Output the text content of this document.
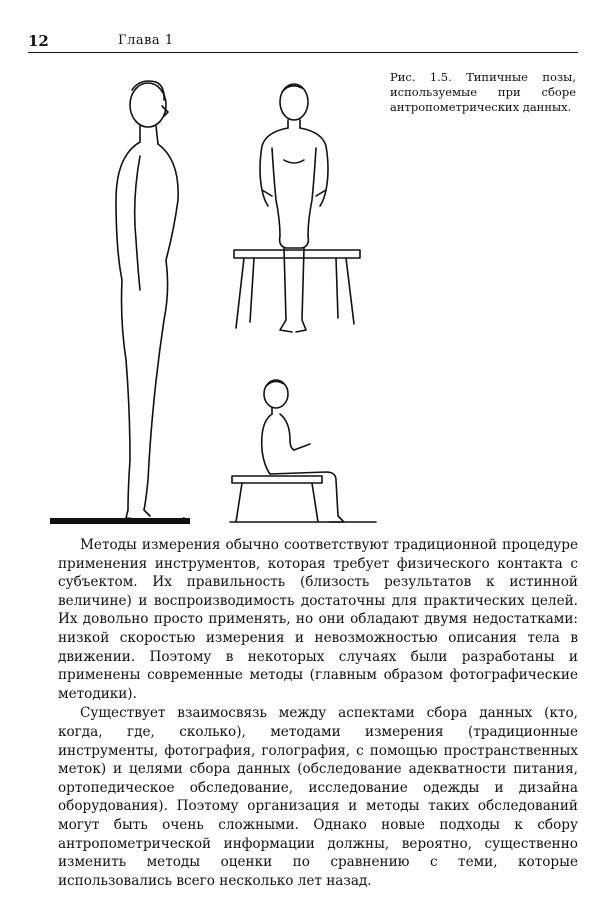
12	Глава 1
Рис. 1.5. Типичные позы, используемые при сборе антропометрических данных.

Методы измерения обычно соответствуют традиционной процедуре применения инструментов, которая требует физического контакта с субъектом. Их правильность (близость результатов к истинной величине) и воспроизводимость достаточны для практических целей. Их довольно просто применять, но они обладают двумя недостатками: низкой скоростью измерения и невозможностью описания тела в движении. Поэтому в некоторых случаях были разработаны и применены современные методы (главным образом фотографические методики).

Существует взаимосвязь между аспектами сбора данных (кто, когда, где, сколько), методами измерения (традиционные инструменты, фотография, голография, с помощью пространственных меток) и целями сбора данных (обследование адекватности питания, ортопедическое обследование, исследование одежды и дизайна оборудования). Поэтому организация и методы таких обследований могут быть очень сложными. Однако новые подходы к сбору антропометрической информации должны, вероятно, существенно изменить методы оценки по сравнению с теми, которые использовались всего несколько лет назад.
